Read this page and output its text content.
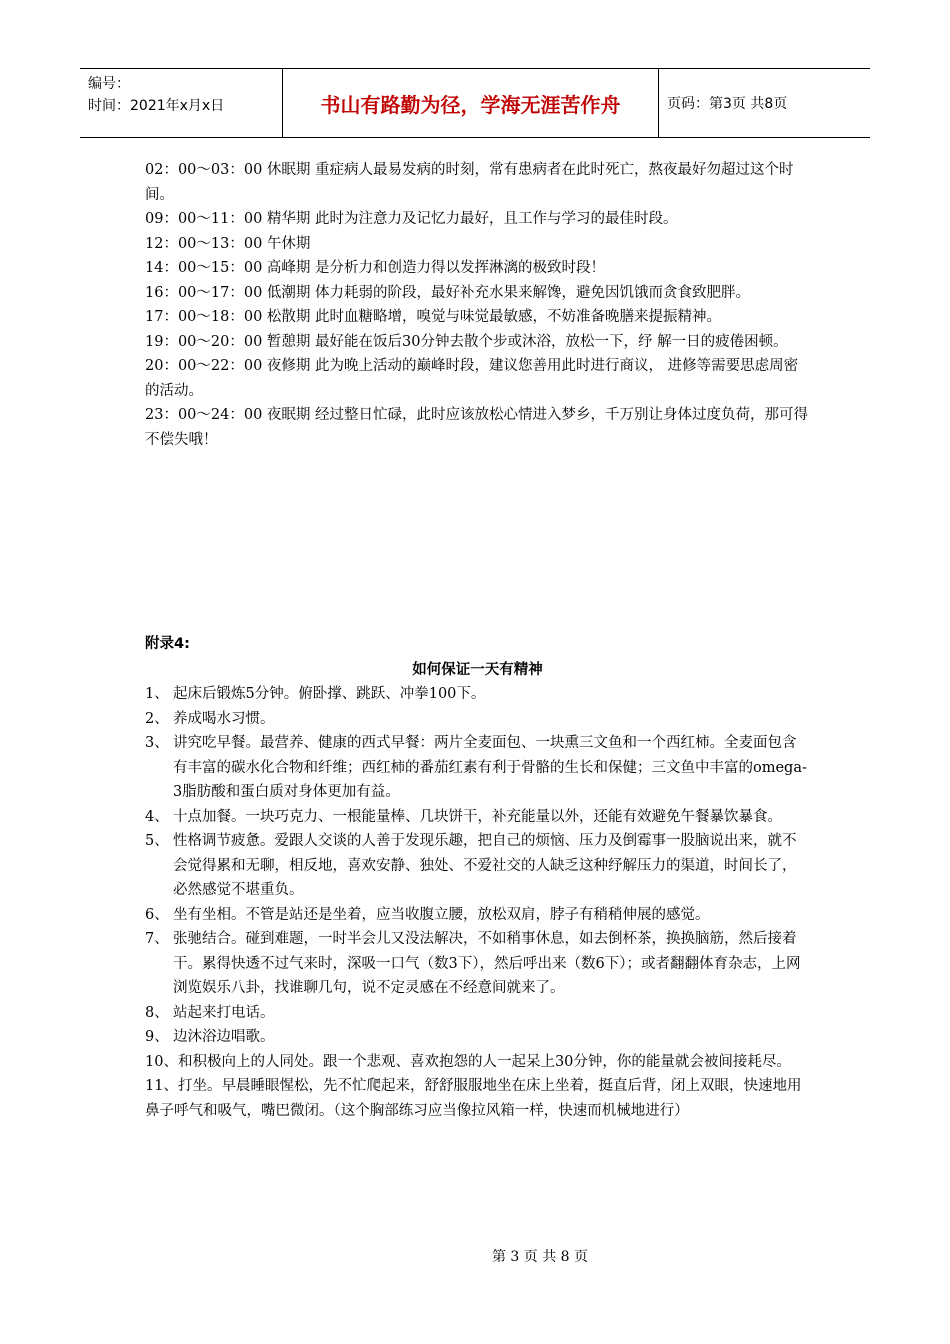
编号：
时间：2021年x月x日	书山有路勤为径，学海无涯苦作舟	页码：第3页 共8页
02：00～03：00 休眠期 重症病人最易发病的时刻，常有患病者在此时死亡，熬夜最好勿超过这个时间。
09：00～11：00 精华期 此时为注意力及记忆力最好，且工作与学习的最佳时段。
12：00～13：00 午休期
14：00～15：00 高峰期 是分析力和创造力得以发挥淋漓的极致时段！
16：00～17：00 低潮期 体力耗弱的阶段，最好补充水果来解馋，避免因饥饿而贪食致肥胖。
17：00～18：00 松散期 此时血糖略增，嗅觉与味觉最敏感，不妨准备晚膳来提振精神。
19：00～20：00 暂憩期 最好能在饭后30分钟去散个步或沐浴，放松一下，纾 解一日的疲倦困顿。
20：00～22：00 夜修期 此为晚上活动的巅峰时段，建议您善用此时进行商议， 进修等需要思虑周密的活动。
23：00～24：00 夜眠期 经过整日忙碌，此时应该放松心情进入梦乡，千万别让身体过度负荷，那可得不偿失哦！
附录4:
如何保证一天有精神
1、 起床后锻炼5分钟。俯卧撑、跳跃、冲拳100下。
2、 养成喝水习惯。
3、 讲究吃早餐。最营养、健康的西式早餐：两片全麦面包、一块熏三文鱼和一个西红柿。全麦面包含有丰富的碳水化合物和纤维；西红柿的番茄红素有利于骨骼的生长和保健；三文鱼中丰富的omega-3脂肪酸和蛋白质对身体更加有益。
4、 十点加餐。一块巧克力、一根能量棒、几块饼干，补充能量以外，还能有效避免午餐暴饮暴食。
5、 性格调节疲惫。爱跟人交谈的人善于发现乐趣，把自己的烦恼、压力及倒霉事一股脑说出来，就不会觉得累和无聊，相反地，喜欢安静、独处、不爱社交的人缺乏这种纾解压力的渠道，时间长了，必然感觉不堪重负。
6、 坐有坐相。不管是站还是坐着，应当收腹立腰，放松双肩，脖子有稍稍伸展的感觉。
7、 张驰结合。碰到难题，一时半会儿又没法解决，不如稍事休息，如去倒杯茶，换换脑筋，然后接着干。累得快透不过气来时，深吸一口气（数3下），然后呼出来（数6下）；或者翻翻体育杂志，上网浏览娱乐八卦，找谁聊几句，说不定灵感在不经意间就来了。
8、 站起来打电话。
9、 边沐浴边唱歌。
10、和积极向上的人同处。跟一个悲观、喜欢抱怨的人一起呆上30分钟，你的能量就会被间接耗尽。
11、打坐。早晨睡眼惺松，先不忙爬起来，舒舒服服地坐在床上坐着，挺直后背，闭上双眼，快速地用鼻子呼气和吸气，嘴巴微闭。（这个胸部练习应当像拉风箱一样，快速而机械地进行）
第 3 页 共 8 页
